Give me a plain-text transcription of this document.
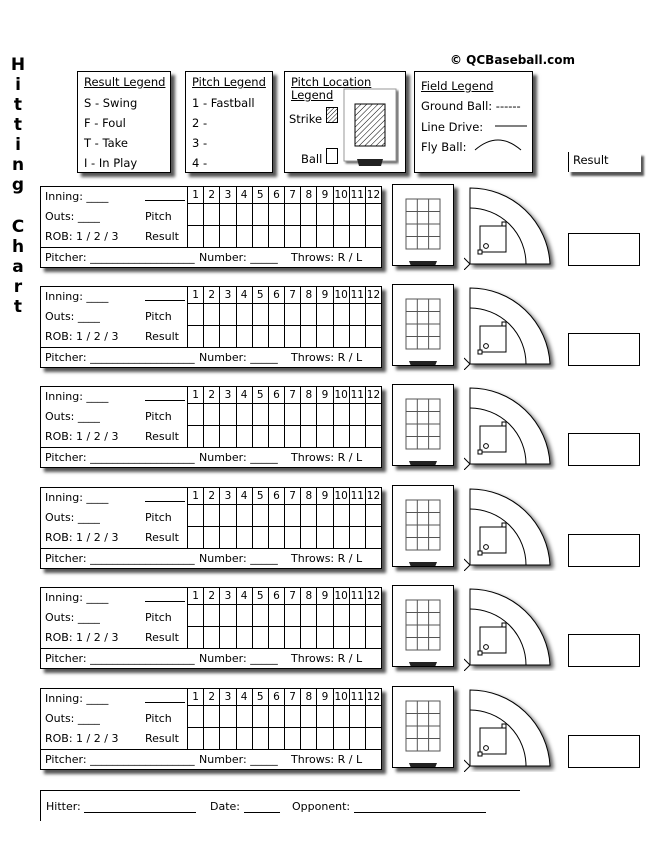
H
i
t
t
i
n
g
C
h
a
r
t
© QCBaseball.com
Result Legend
S - Swing
F - Foul
T - Take
I - In Play
Pitch Legend
1 - Fastball
2 -
3 -
4 -
Pitch Location
Legend
Strike
Ball
Field Legend
Ground Ball: ------
Line Drive:
Fly Ball:
Result
Inning: ____
Outs: ____
ROB: 1 / 2 / 3
Pitch
Result
1 2 3 4 5 6 7 8 9 10 11 12
Pitcher: ___________________ Number: _____ Throws: R / L
Inning: ____
Outs: ____
ROB: 1 / 2 / 3
Pitch
Result
1 2 3 4 5 6 7 8 9 10 11 12
Pitcher: ___________________ Number: _____ Throws: R / L
Inning: ____
Outs: ____
ROB: 1 / 2 / 3
Pitch
Result
1 2 3 4 5 6 7 8 9 10 11 12
Pitcher: ___________________ Number: _____ Throws: R / L
Inning: ____
Outs: ____
ROB: 1 / 2 / 3
Pitch
Result
1 2 3 4 5 6 7 8 9 10 11 12
Pitcher: ___________________ Number: _____ Throws: R / L
Inning: ____
Outs: ____
ROB: 1 / 2 / 3
Pitch
Result
1 2 3 4 5 6 7 8 9 10 11 12
Pitcher: ___________________ Number: _____ Throws: R / L
Inning: ____
Outs: ____
ROB: 1 / 2 / 3
Pitch
Result
1 2 3 4 5 6 7 8 9 10 11 12
Pitcher: ___________________ Number: _____ Throws: R / L
Hitter:	Date:	Opponent:
